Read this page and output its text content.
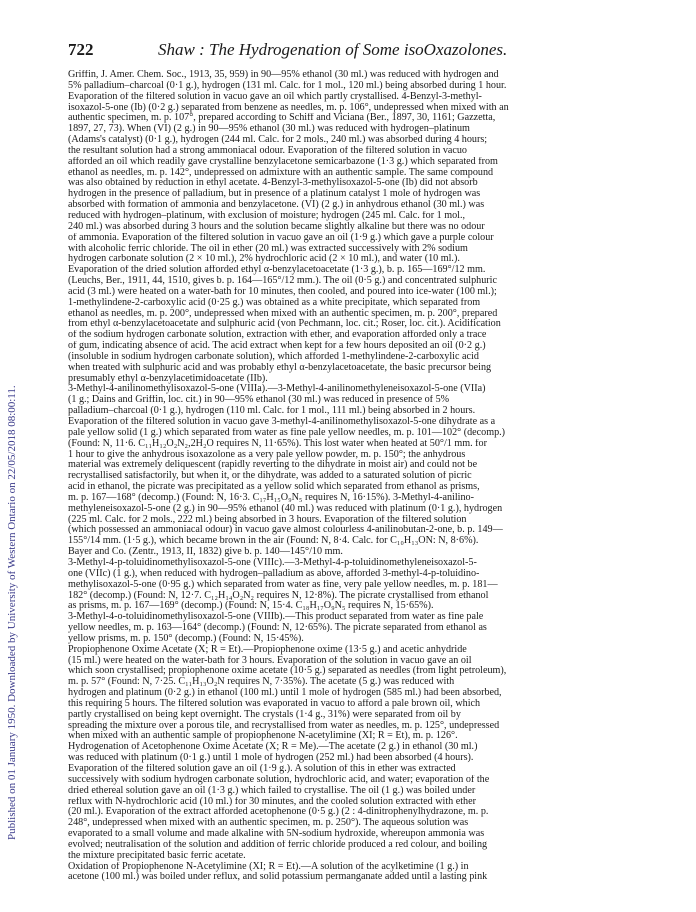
Published on 01 January 1950. Downloaded by University of Western Ontario on 22/05/2018 08:00:11.
722	Shaw : The Hydrogenation of Some isoOxazolones.
Griffin, J. Amer. Chem. Soc., 1913, 35, 959) in 90—95% ethanol (30 ml.) was reduced with hydrogen and
5% palladium–charcoal (0·1 g.), hydrogen (131 ml. Calc. for 1 mol., 120 ml.) being absorbed during 1 hour.
Evaporation of the filtered solution in vacuo gave an oil which partly crystallised. 4-Benzyl-3-methyl-
isoxazol-5-one (Ib) (0·2 g.) separated from benzene as needles, m. p. 106°, undepressed when mixed with an
authentic specimen, m. p. 107°, prepared according to Schiff and Viciana (Ber., 1897, 30, 1161; Gazzetta,
1897, 27, 73). When (VI) (2 g.) in 90—95% ethanol (30 ml.) was reduced with hydrogen–platinum
(Adams's catalyst) (0·1 g.), hydrogen (244 ml. Calc. for 2 mols., 240 ml.) was absorbed during 4 hours;
the resultant solution had a strong ammoniacal odour. Evaporation of the filtered solution in vacuo
afforded an oil which readily gave crystalline benzylacetone semicarbazone (1·3 g.) which separated from
ethanol as needles, m. p. 142°, undepressed on admixture with an authentic sample. The same compound
was also obtained by reduction in ethyl acetate. 4-Benzyl-3-methylisoxazol-5-one (Ib) did not absorb
hydrogen in the presence of palladium, but in presence of a platinum catalyst 1 mole of hydrogen was
absorbed with formation of ammonia and benzylacetone. (VI) (2 g.) in anhydrous ethanol (30 ml.) was
reduced with hydrogen–platinum, with exclusion of moisture; hydrogen (245 ml. Calc. for 1 mol.,
240 ml.) was absorbed during 3 hours and the solution became slightly alkaline but there was no odour
of ammonia. Evaporation of the filtered solution in vacuo gave an oil (1·9 g.) which gave a purple colour
with alcoholic ferric chloride. The oil in ether (20 ml.) was extracted successively with 2% sodium
hydrogen carbonate solution (2 × 10 ml.), 2% hydrochloric acid (2 × 10 ml.), and water (10 ml.).
Evaporation of the dried solution afforded ethyl α-benzylacetoacetate (1·3 g.), b. p. 165—169°/12 mm.
(Leuchs, Ber., 1911, 44, 1510, gives b. p. 164—165°/12 mm.). The oil (0·5 g.) and concentrated sulphuric
acid (3 ml.) were heated on a water-bath for 10 minutes, then cooled, and poured into ice-water (100 ml.);
1-methylindene-2-carboxylic acid (0·25 g.) was obtained as a white precipitate, which separated from
ethanol as needles, m. p. 200°, undepressed when mixed with an authentic specimen, m. p. 200°, prepared
from ethyl α-benzylacetoacetate and sulphuric acid (von Pechmann, loc. cit.; Roser, loc. cit.). Acidification
of the sodium hydrogen carbonate solution, extraction with ether, and evaporation afforded only a trace
of gum, indicating absence of acid. The acid extract when kept for a few hours deposited an oil (0·2 g.)
(insoluble in sodium hydrogen carbonate solution), which afforded 1-methylindene-2-carboxylic acid
when treated with sulphuric acid and was probably ethyl α-benzylacetoacetate, the basic precursor being
presumably ethyl α-benzylacetimidoacetate (IIb).
3-Methyl-4-anilinomethylisoxazol-5-one (VIIIa).—3-Methyl-4-anilinomethyleneisoxazol-5-one (VIIa)
(1 g.; Dains and Griffin, loc. cit.) in 90—95% ethanol (30 ml.) was reduced in presence of 5%
palladium–charcoal (0·1 g.), hydrogen (110 ml. Calc. for 1 mol., 111 ml.) being absorbed in 2 hours.
Evaporation of the filtered solution in vacuo gave 3-methyl-4-anilinomethylisoxazol-5-one dihydrate as a
pale yellow solid (1 g.) which separated from water as fine pale yellow needles, m. p. 101—102° (decomp.)
(Found: N, 11·6. C₁₁H₁₂O₂N₂,2H₂O requires N, 11·65%). This lost water when heated at 50°/1 mm. for
1 hour to give the anhydrous isoxazolone as a very pale yellow powder, m. p. 150°; the anhydrous
material was extremely deliquescent (rapidly reverting to the dihydrate in moist air) and could not be
recrystallised satisfactorily, but when it, or the dihydrate, was added to a saturated solution of picric
acid in ethanol, the picrate was precipitated as a yellow solid which separated from ethanol as prisms,
m. p. 167—168° (decomp.) (Found: N, 16·3. C₁₇H₁₅O₉N₅ requires N, 16·15%). 3-Methyl-4-anilino-
methyleneisoxazol-5-one (2 g.) in 90—95% ethanol (40 ml.) was reduced with platinum (0·1 g.), hydrogen
(225 ml. Calc. for 2 mols., 222 ml.) being absorbed in 3 hours. Evaporation of the filtered solution
(which possessed an ammoniacal odour) in vacuo gave almost colourless 4-anilinobutan-2-one, b. p. 149—
155°/14 mm. (1·5 g.), which became brown in the air (Found: N, 8·4. Calc. for C₁₀H₁₃ON: N, 8·6%).
Bayer and Co. (Zentr., 1913, II, 1832) give b. p. 140—145°/10 mm.
3-Methyl-4-p-toluidinomethylisoxazol-5-one (VIIIc).—3-Methyl-4-p-toluidinomethyleneisoxazol-5-
one (VIIc) (1 g.), when reduced with hydrogen–palladium as above, afforded 3-methyl-4-p-toluidino-
methylisoxazol-5-one (0·95 g.) which separated from water as fine, very pale yellow needles, m. p. 181—
182° (decomp.) (Found: N, 12·7. C₁₂H₁₄O₂N₂ requires N, 12·8%). The picrate crystallised from ethanol
as prisms, m. p. 167—169° (decomp.) (Found: N, 15·4. C₁₈H₁₇O₉N₅ requires N, 15·65%).
3-Methyl-4-o-toluidinomethylisoxazol-5-one (VIIIb).—This product separated from water as fine pale
yellow needles, m. p. 163—164° (decomp.) (Found: N, 12·65%). The picrate separated from ethanol as
yellow prisms, m. p. 150° (decomp.) (Found: N, 15·45%).
Propiophenone Oxime Acetate (X; R = Et).—Propiophenone oxime (13·5 g.) and acetic anhydride
(15 ml.) were heated on the water-bath for 3 hours. Evaporation of the solution in vacuo gave an oil
which soon crystallised; propiophenone oxime acetate (10·5 g.) separated as needles (from light petroleum),
m. p. 57° (Found: N, 7·25. C₁₁H₁₃O₂N requires N, 7·35%). The acetate (5 g.) was reduced with
hydrogen and platinum (0·2 g.) in ethanol (100 ml.) until 1 mole of hydrogen (585 ml.) had been absorbed,
this requiring 5 hours. The filtered solution was evaporated in vacuo to afford a pale brown oil, which
partly crystallised on being kept overnight. The crystals (1·4 g., 31%) were separated from oil by
spreading the mixture over a porous tile, and recrystallised from water as needles, m. p. 125°, undepressed
when mixed with an authentic sample of propiophenone N-acetylimine (XI; R = Et), m. p. 126°.
Hydrogenation of Acetophenone Oxime Acetate (X; R = Me).—The acetate (2 g.) in ethanol (30 ml.)
was reduced with platinum (0·1 g.) until 1 mole of hydrogen (252 ml.) had been absorbed (4 hours).
Evaporation of the filtered solution gave an oil (1·9 g.). A solution of this in ether was extracted
successively with sodium hydrogen carbonate solution, hydrochloric acid, and water; evaporation of the
dried ethereal solution gave an oil (1·3 g.) which failed to crystallise. The oil (1 g.) was boiled under
reflux with N-hydrochloric acid (10 ml.) for 30 minutes, and the cooled solution extracted with ether
(20 ml.). Evaporation of the extract afforded acetophenone (0·5 g.) (2 : 4-dinitrophenylhydrazone, m. p.
248°, undepressed when mixed with an authentic specimen, m. p. 250°). The aqueous solution was
evaporated to a small volume and made alkaline with 5N-sodium hydroxide, whereupon ammonia was
evolved; neutralisation of the solution and addition of ferric chloride produced a red colour, and boiling
the mixture precipitated basic ferric acetate.
Oxidation of Propiophenone N-Acetylimine (XI; R = Et).—A solution of the acylketimine (1 g.) in
acetone (100 ml.) was boiled under reflux, and solid potassium permanganate added until a lasting pink
